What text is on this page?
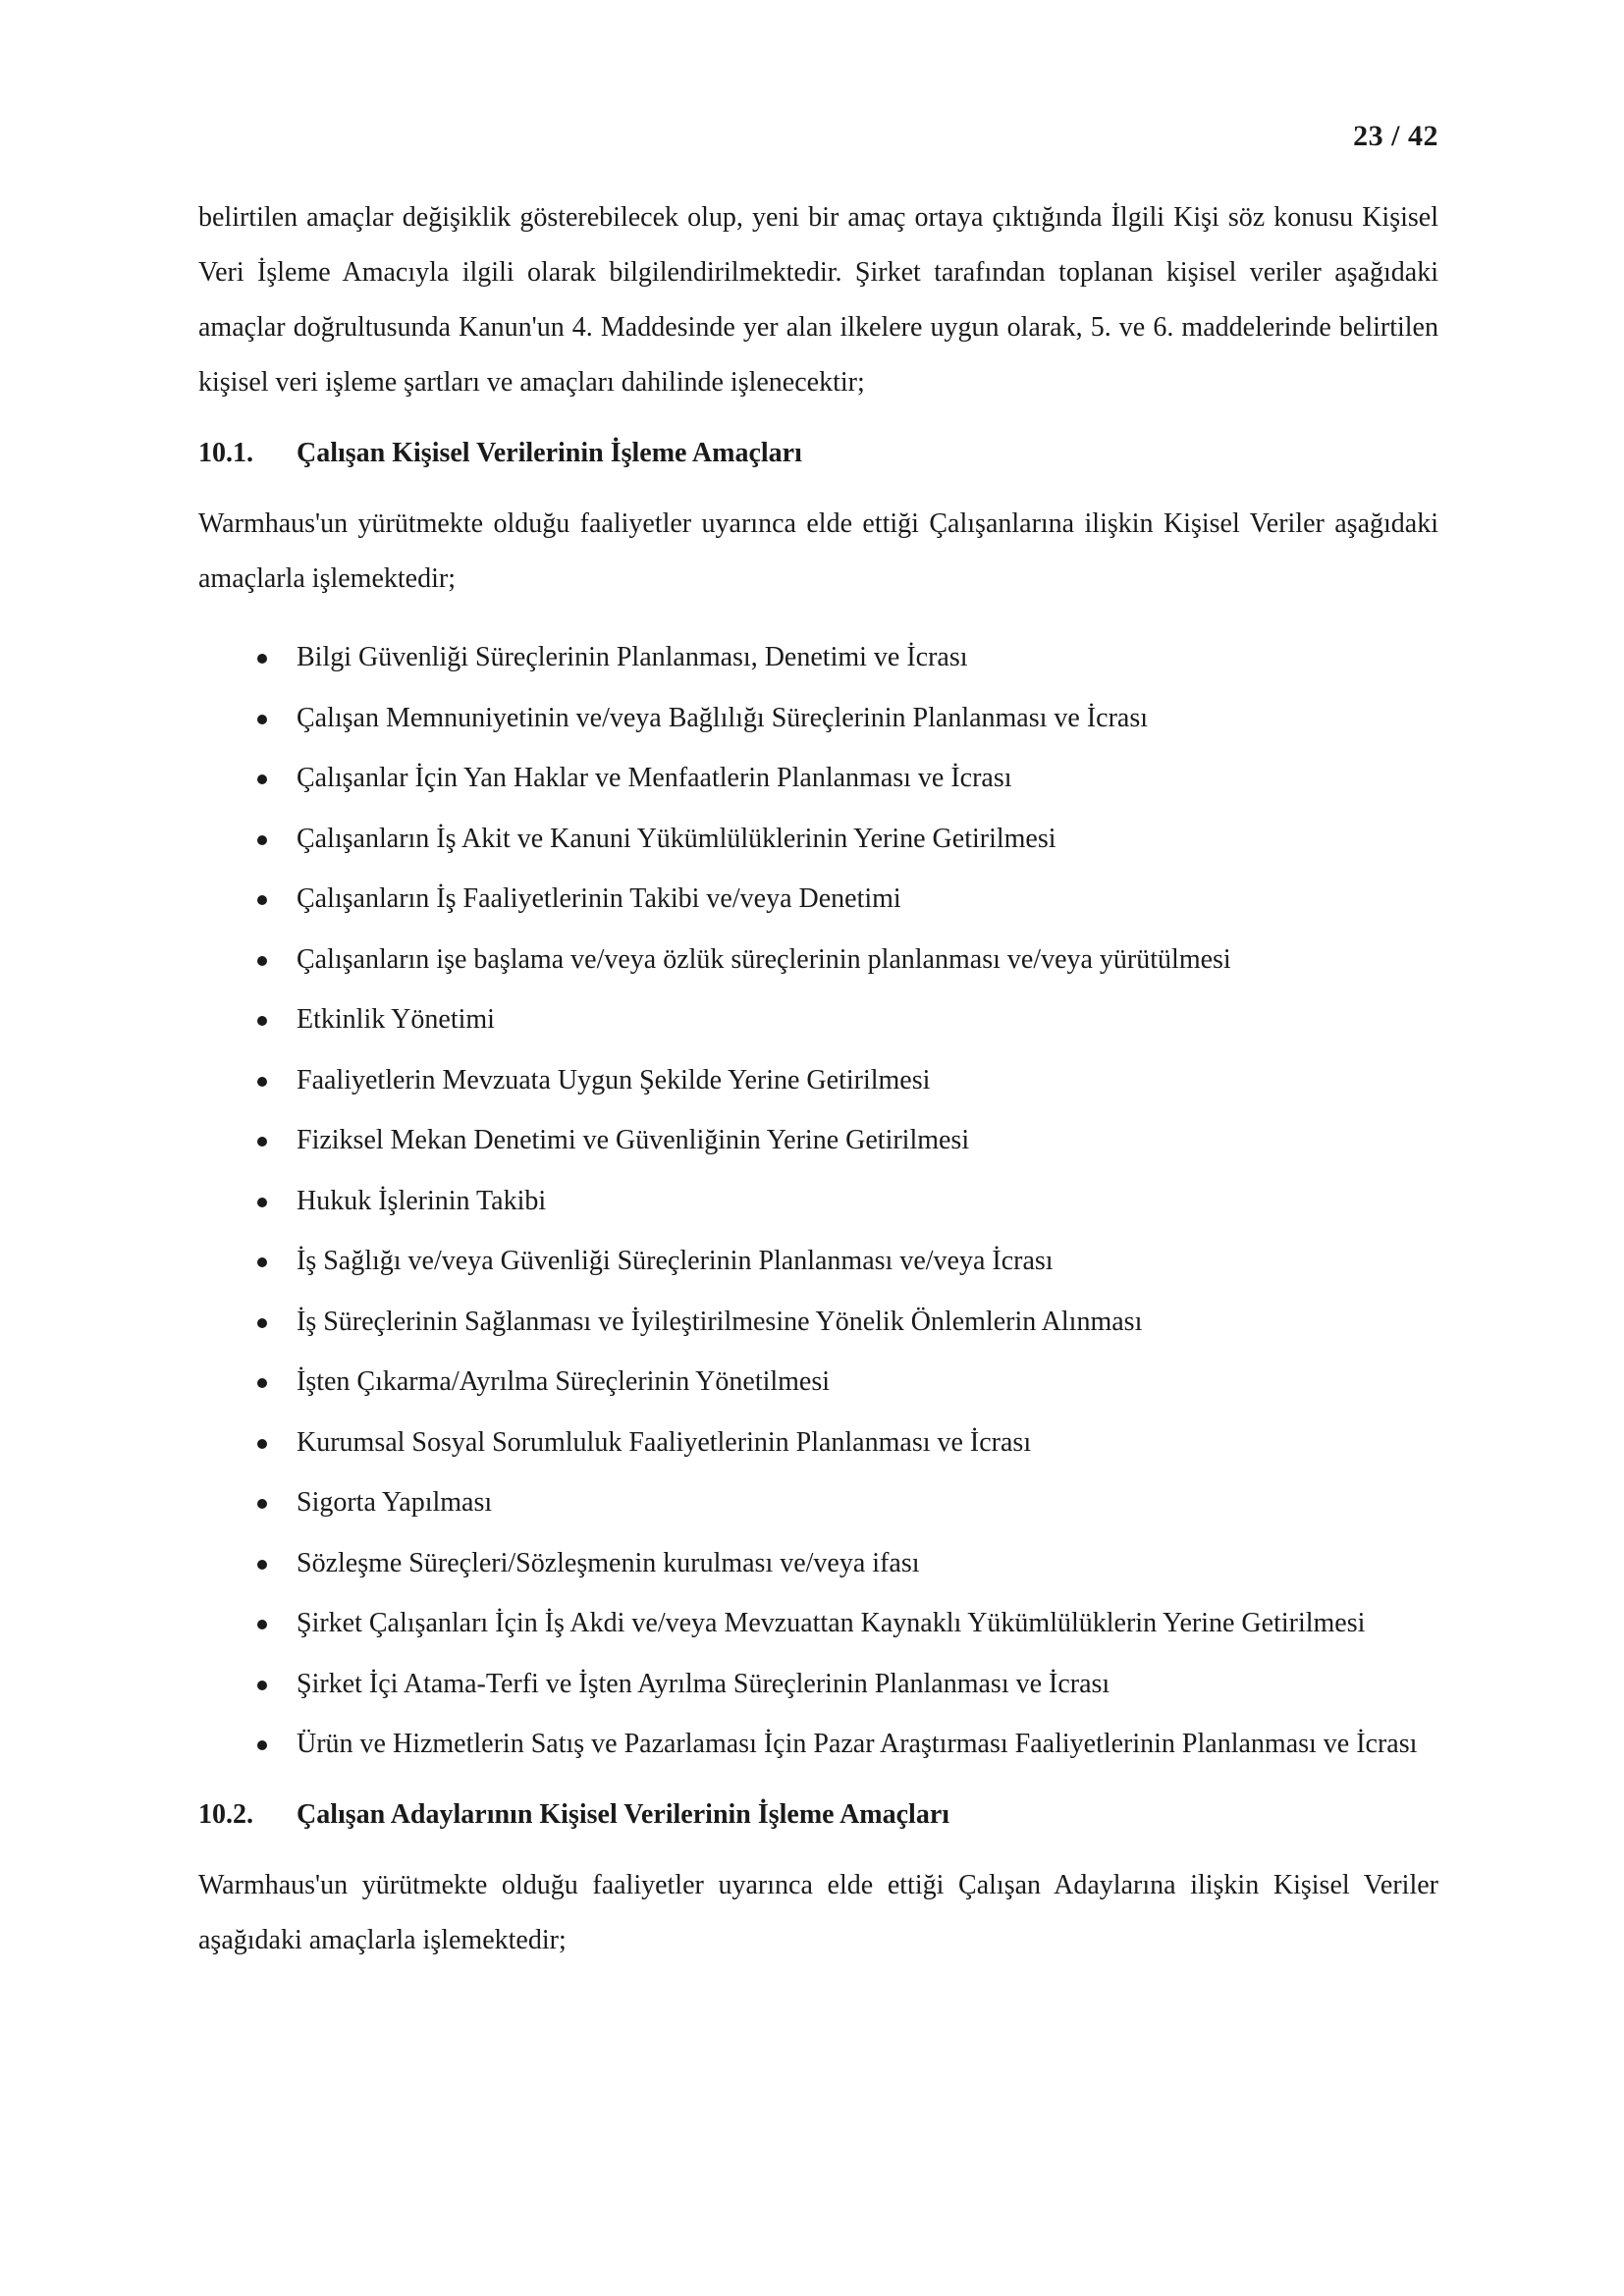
23 / 42

belirtilen amaçlar değişiklik gösterebilecek olup, yeni bir amaç ortaya çıktığında İlgili Kişi söz konusu Kişisel Veri İşleme Amacıyla ilgili olarak bilgilendirilmektedir. Şirket tarafından toplanan kişisel veriler aşağıdaki amaçlar doğrultusunda Kanun'un 4. Maddesinde yer alan ilkelere uygun olarak, 5. ve 6. maddelerinde belirtilen kişisel veri işleme şartları ve amaçları dahilinde işlenecektir;

10.1.	Çalışan Kişisel Verilerinin İşleme Amaçları

Warmhaus'un yürütmekte olduğu faaliyetler uyarınca elde ettiği Çalışanlarına ilişkin Kişisel Veriler aşağıdaki amaçlarla işlemektedir;

Bilgi Güvenliği Süreçlerinin Planlanması, Denetimi ve İcrası
Çalışan Memnuniyetinin ve/veya Bağlılığı Süreçlerinin Planlanması ve İcrası
Çalışanlar İçin Yan Haklar ve Menfaatlerin Planlanması ve İcrası
Çalışanların İş Akit ve Kanuni Yükümlülüklerinin Yerine Getirilmesi
Çalışanların İş Faaliyetlerinin Takibi ve/veya Denetimi
Çalışanların işe başlama ve/veya özlük süreçlerinin planlanması ve/veya yürütülmesi
Etkinlik Yönetimi
Faaliyetlerin Mevzuata Uygun Şekilde Yerine Getirilmesi
Fiziksel Mekan Denetimi ve Güvenliğinin Yerine Getirilmesi
Hukuk İşlerinin Takibi
İş Sağlığı ve/veya Güvenliği Süreçlerinin Planlanması ve/veya İcrası
İş Süreçlerinin Sağlanması ve İyileştirilmesine Yönelik Önlemlerin Alınması
İşten Çıkarma/Ayrılma Süreçlerinin Yönetilmesi
Kurumsal Sosyal Sorumluluk Faaliyetlerinin Planlanması ve İcrası
Sigorta Yapılması
Sözleşme Süreçleri/Sözleşmenin kurulması ve/veya ifası
Şirket Çalışanları İçin İş Akdi ve/veya Mevzuattan Kaynaklı Yükümlülüklerin Yerine Getirilmesi
Şirket İçi Atama-Terfi ve İşten Ayrılma Süreçlerinin Planlanması ve İcrası
Ürün ve Hizmetlerin Satış ve Pazarlaması İçin Pazar Araştırması Faaliyetlerinin Planlanması ve İcrası
10.2.	Çalışan Adaylarının Kişisel Verilerinin İşleme Amaçları

Warmhaus'un yürütmekte olduğu faaliyetler uyarınca elde ettiği Çalışan Adaylarına ilişkin Kişisel Veriler aşağıdaki amaçlarla işlemektedir;
